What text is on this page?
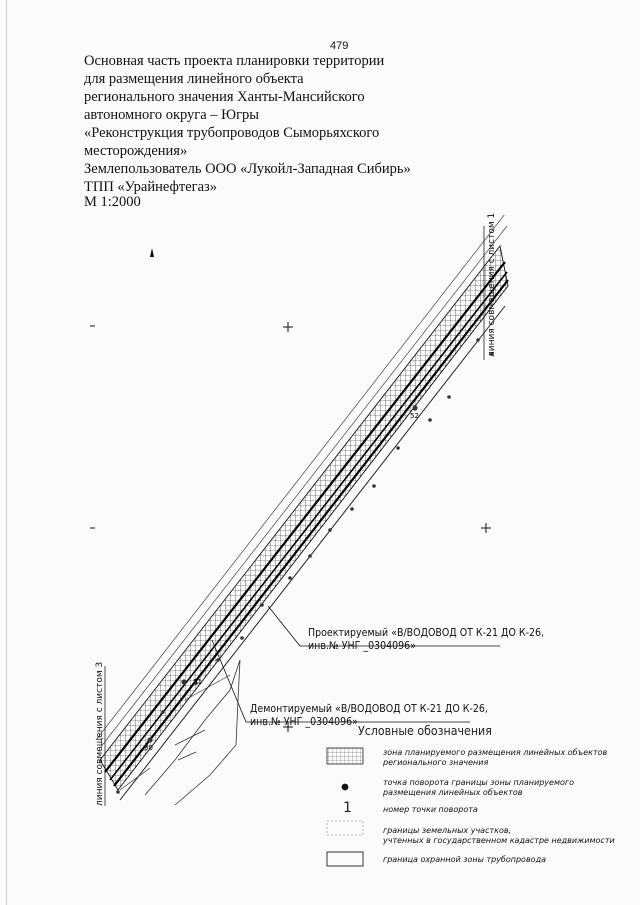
479
Основная часть проекта планировки территории
для размещения линейного объекта
регионального значения Ханты-Мансийского
автономного округа – Югры
«Реконструкция трубопроводов Сыморьяхского
месторождения»
Землепользователь ООО «Лукойл-Западная Сибирь»
ТПП «Урайнефтегаз»
М 1:2000
52
51
50
Проектируемый «В/ВОДОВОД ОТ К-21 ДО К-26,
инв.№ УНГ _0304096»
Демонтируемый «В/ВОДОВОД ОТ К-21 ДО К-26,
инв.№ УНГ _0304096»
линия совмещения с листом 1
линия совмещения с листом 3	Условные обозначения
зона планируемого размещения линейных объектов
регионального значения
точка поворота границы зоны планируемого
размещения линейных объектов
1	номер точки поворота
границы земельных участков,
учтенных в государственном кадастре недвижимости
граница охранной зоны трубопровода
